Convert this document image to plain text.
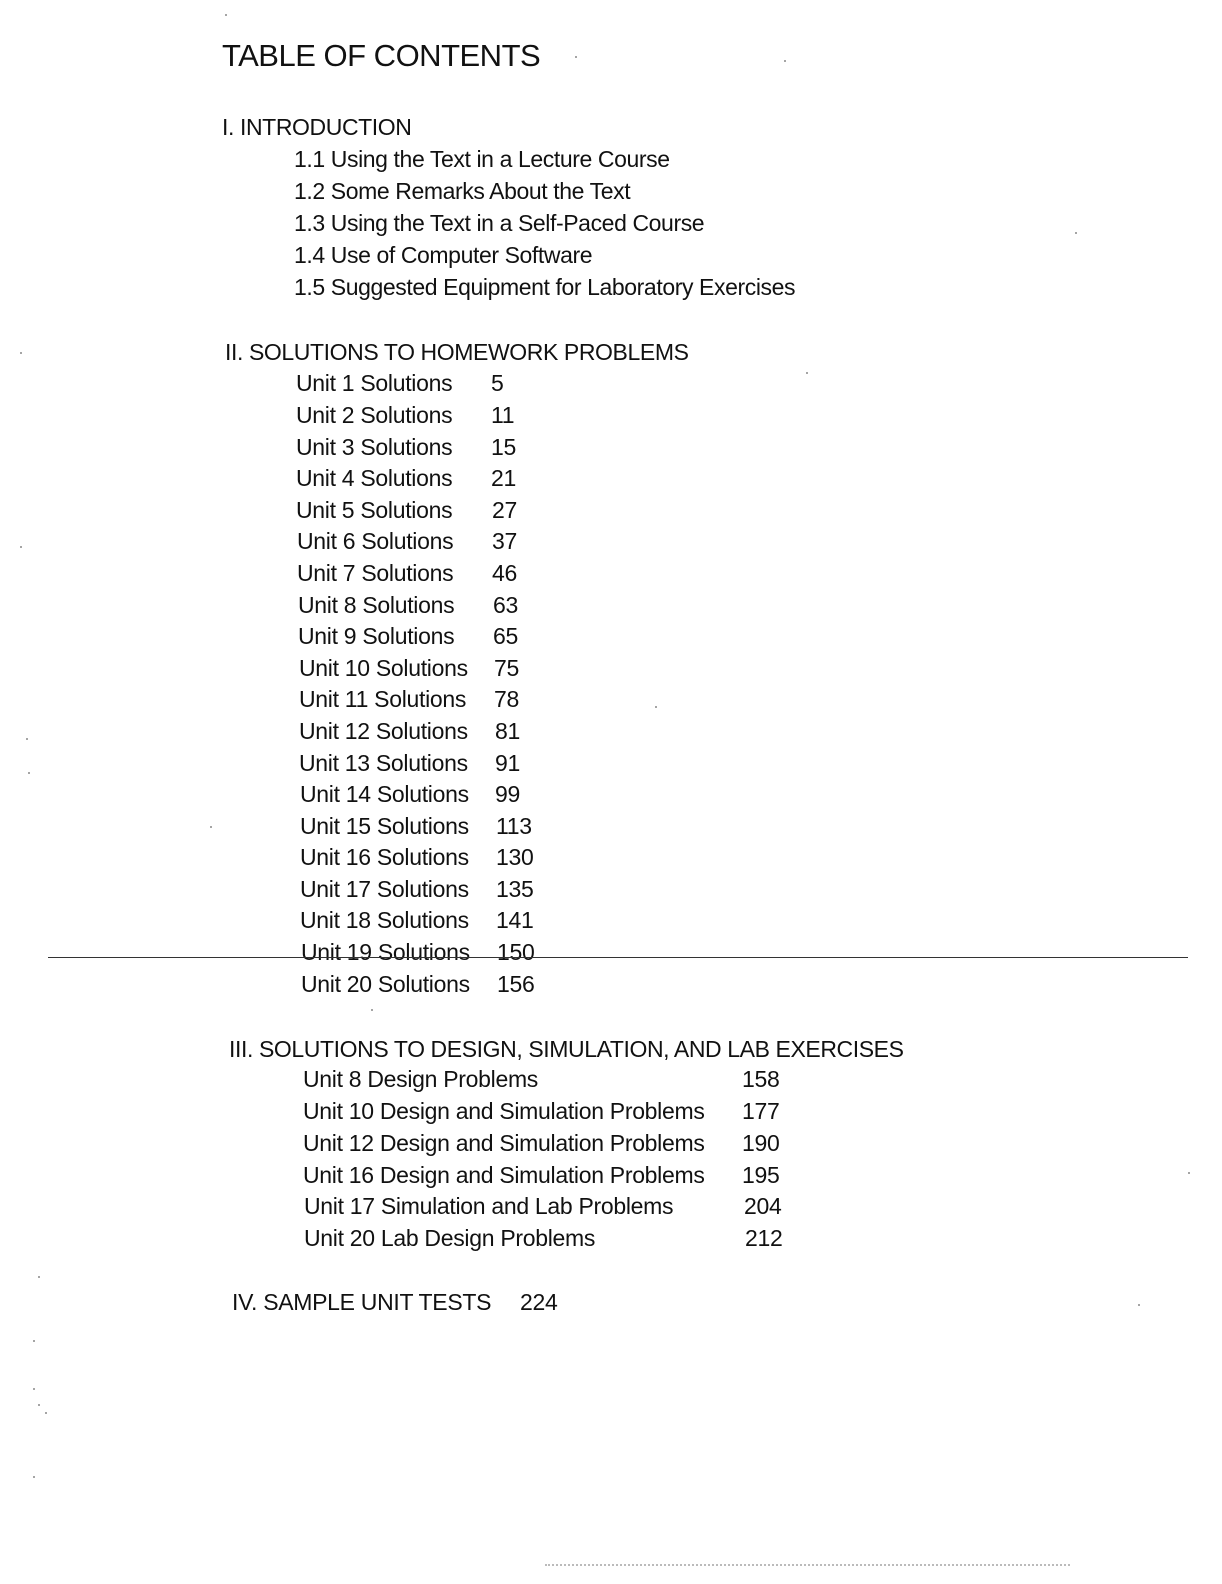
TABLE OF CONTENTS
I. INTRODUCTION
1.1 Using the Text in a Lecture Course
1.2 Some Remarks About the Text
1.3 Using the Text in a Self-Paced Course
1.4 Use of Computer Software
1.5 Suggested Equipment for Laboratory Exercises
II. SOLUTIONS TO HOMEWORK PROBLEMS
Unit 1 Solutions 5
Unit 2 Solutions 11
Unit 3 Solutions 15
Unit 4 Solutions 21
Unit 5 Solutions 27
Unit 6 Solutions 37
Unit 7 Solutions 46
Unit 8 Solutions 63
Unit 9 Solutions 65
Unit 10 Solutions 75
Unit 11 Solutions 78
Unit 12 Solutions 81
Unit 13 Solutions 91
Unit 14 Solutions 99
Unit 15 Solutions 113
Unit 16 Solutions 130
Unit 17 Solutions 135
Unit 18 Solutions 141
Unit 19 Solutions 150
Unit 20 Solutions 156
III. SOLUTIONS TO DESIGN, SIMULATION, AND LAB EXERCISES
Unit 8 Design Problems	158
Unit 10 Design and Simulation Problems 177
Unit 12 Design and Simulation Problems 190
Unit 16 Design and Simulation Problems 195
Unit 17 Simulation and Lab Problems	204
Unit 20 Lab Design Problems	212
IV. SAMPLE UNIT TESTS 224
